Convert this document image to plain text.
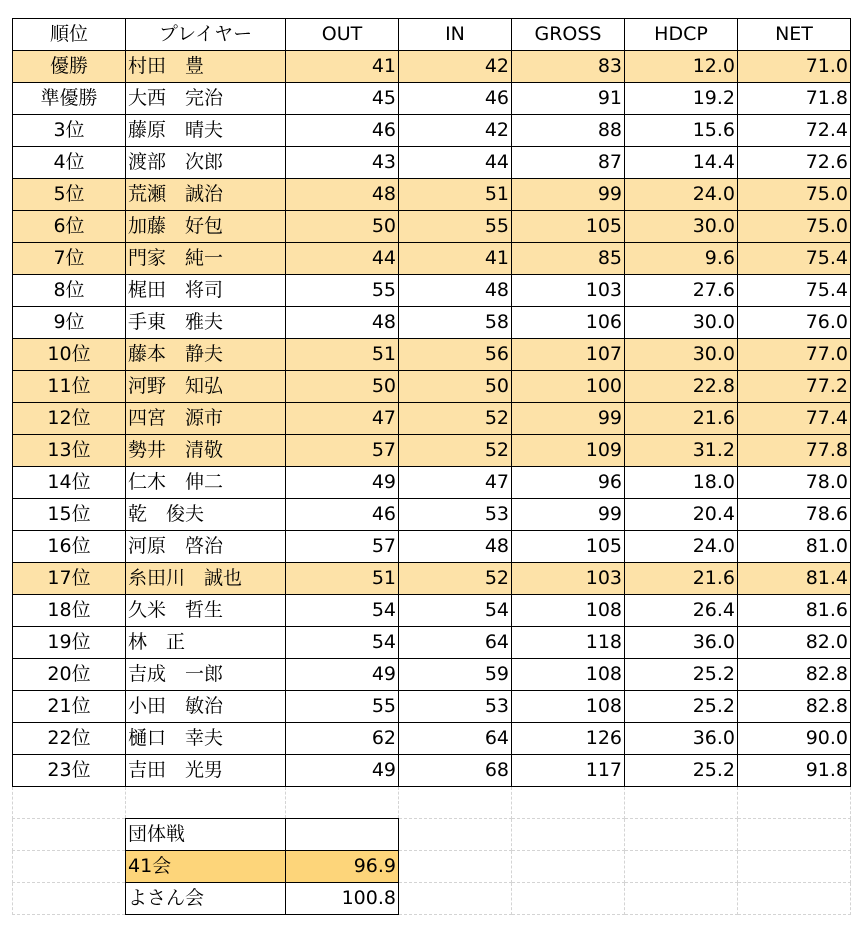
順位	プレイヤー	OUT	IN	GROSS	HDCP	NET
優勝	村田　豊	41	42	83	12.0	71.0
準優勝	大西　完治	45	46	91	19.2	71.8
3位	藤原　晴夫	46	42	88	15.6	72.4
4位	渡部　次郎	43	44	87	14.4	72.6
5位	荒瀬　誠治	48	51	99	24.0	75.0
6位	加藤　好包	50	55	105	30.0	75.0
7位	門家　純一	44	41	85	9.6	75.4
8位	梶田　将司	55	48	103	27.6	75.4
9位	手東　雅夫	48	58	106	30.0	76.0
10位	藤本　静夫	51	56	107	30.0	77.0
11位	河野　知弘	50	50	100	22.8	77.2
12位	四宮　源市	47	52	99	21.6	77.4
13位	勢井　清敬	57	52	109	31.2	77.8
14位	仁木　伸二	49	47	96	18.0	78.0
15位	乾　俊夫	46	53	99	20.4	78.6
16位	河原　啓治	57	48	105	24.0	81.0
17位	糸田川　誠也	51	52	103	21.6	81.4
18位	久米　哲生	54	54	108	26.4	81.6
19位	林　正	54	64	118	36.0	82.0
20位	吉成　一郎	49	59	108	25.2	82.8
21位	小田　敏治	55	53	108	25.2	82.8
22位	樋口　幸夫	62	64	126	36.0	90.0
23位	吉田　光男	49	68	117	25.2	91.8

	団体戦					
	41会	96.9				
	よさん会	100.8				
